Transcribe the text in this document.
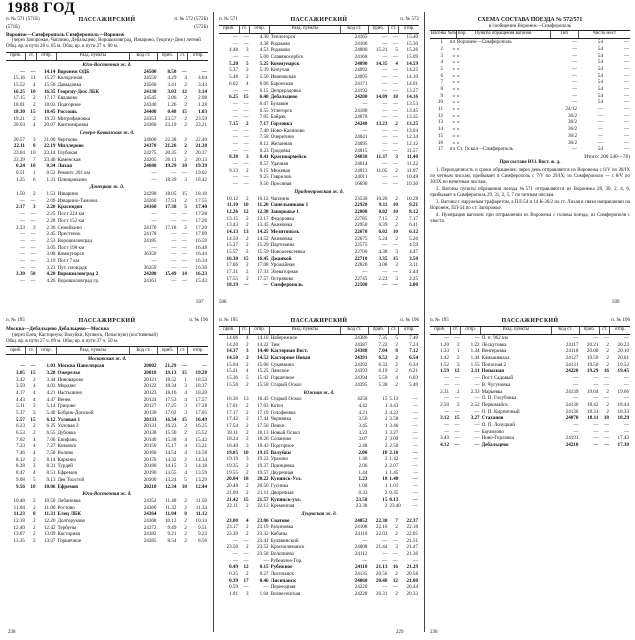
1988 ГОД
п. № 571 (571Б)	ПАССАЖИРСКИЙ	п. № 572 (572Б)
(571Б)	(572Б)
Воронеж—Симферополь Симферополь—Воронеж
(через Запорожье, Чаплино, Дебальцево, Ворошиловград, Изварино, Георгиу-Деж) летний
Общ. вр. в пути 28 ч. 05 м. Общ. вр. в пути 27 ч. 00 м.
приб.	ст.	отпр.	Разд. пункты	Код ст.	приб.	ст.	отпр.
Юго-Восточная ж. д.							
—	—	14.14	Воронеж ОДБ	24500	8.50	—	—
15.16	11	15.27	Колодезная	24550	4.29	4	4.04
15.52	4	15.56	Давыдовка	24560	3.41	2	3.43
16.25	10	16.35	Георгиу-Деж ЛБК	24130	3.03	12	3.14
17.15	2	17.17	Евдаково	24545	2.06	2	2.08
18.01	2	18.03	Подгорное	24340	1.26	2	1.28
18.30	15	18.45	Россошь	24400	0.48	15	1.03
19.21	2	19.23	Митрофановка	24353	23.57	2	23.59
20.03	4	20.07	Кантемировка	24360	23.19	2	23.21
Северо-Кавказская ж. д.							
20.57	3	21.00	Чертково	24600	22.38	2	22.40
22.11	8	22.19	Миллерово	24370	21.26	2	21.28
23.04	10	23.14	Глубокая	24275	20.35	2	20.37
23.39	7	23.46	Каменская	24205	20.11	2	20.13
0.24	10	0.34	Лихая	24680	19.29	10	19.39
0.51	1	0.52	Ремонт. 201 км	—	—	—	19.02
1.25	6	1.31	Плющанкино	—	18.39	3	18.42
Донецкая ж. д.							
1.50	2	1.53	Изварино	24298	18.05	15	18.10
—	—	2.09	Изварино-Таможн.	24260	17.51	2	17.55
2.17	3	2.20	Краснодон	24160	17.38	5	17.40
—	—	2.25	Пост 224 км	—	—	—	17.28
—	—	2.28	Пост 152 км	—	—	—	17.26
2.33	3	2.36	Семейкино	24170	17.18	2	17.20
—	—	2.45	Престенок	24178	—	—	17.09
—	—	2.53	Ворошиловград	24185	—	—	16.59
—	—	3.05	Пост 198 км	—	—	—	16.48
—	—	3.08	Коммунарск	36350	—	—	16.44
—	—	3.19	Пост 7 км	—	—	—	16.34
—	—	3.23	Пут. площадк	36359	—	—	16.30
3.30	50	4.20	Ворошиловград 2	24200	15.49	14	16.23
—	—	4.26	Ворошиловград гр.	24161	—	—	15.43
507
п. № 195	ПАССАЖИРСКИЙ	п. № 196
Москва—Дебальцево Дебальцево—Москва
(через Елец, Касторную, Валуйки, Купянск, Попасную) (постоянный)
Общ. вр. в пути 27 ч. 09 м. Общ. вр. в пути 27 ч. 50 м.
приб.	ст.	отпр.	Разд. пункты	Код ст.	приб.	ст.	отпр.
Московская ж. д.							
—	—	1.03	Москва Павелецкая	20002	21.29	—	—
3.05	15	3.20	Ожерелье	20018	19.13	15	19.28
3.42	2	3.44	Пивоварово	20121	18.52	1	18.53
3.59	4	4.03	Мордвес	20122	18.34	3	18.37
4.17	4	4.21	Настьшино	20123	18.16	4	18.20
4.43	4	4.47	Венев	20124	17.53	4	17.57
5.11	3	5.14	Грицово	20127	17.25	3	17.28
5.37	3	5.40	Бобрик-Донской	20130	17.02	3	17.05
5.57	15	6.12	Узловая 1	20133	16.34	15	16.49
6.23	2	6.25	Узловая 3	20131	16.23	2	16.25
6.53	2	6.55	Дубовка	20138	15.50	2	15.52
7.02	4	7.06	Епифань	20140	15.38	4	15.42
7.23	4	7.27	Кимовск	20150	15.17	4	15.21
7.46	4	7.50	Волово	20160	14.54	4	14.58
8.12	2	8.14	Каркино	20170	14.32	2	14.34
8.28	3	8.31	Турдей	20180	14.15	3	14.18
8.47	4	8.51	Ефремов	20190	13.55	4	13.59
9.08	5	9.13	Лев Толстой	20200	13.24	5	13.29
9.56	10	10.06	Ефремов	20210	12.34	10	12.44
Юго-Восточная ж. д.							
10.48	2	10.50	Лобановка	24352	11.48	2	11.50
11.04	2	11.06	Ростово	24360	11.32	2	11.34
11.23	8	11.31	Елец ЛБК	24364	11.04	8	11.12
12.18	2	12.20	Долгоруково	24368	10.12	2	10.14
12.40	2	12.42	Тербуны	24372	9.49	2	9.51
13.07	2	13.09	Касторная	24382	9.21	2	9.23
13.35	2	13.37	Горшечное	24385	8.54	2	8.56
228
п. № 571	ПАССАЖИРСКИЙ	п. № 572
приб.	ст.	отпр.	Разд. пункты	Код ст.	приб.	ст.	отпр.
—	—	4.30	Теплогорск	24165	—	—	15.40
—	—	4.38	Родаково	24166	—	—	15.30
4.48	3	4.53	Родаково	24080	15.21	5	15.26
—	—	5.00	Славяносербск	24168	—	—	15.09
5.20	5	5.25	Коммунарск	24090	14.35	4	14.59
5.37	2	5.39	Кипучая	24092	—	—	14.25
5.48	2	5.50	Ивановская	24095	—	—	14.10
6.02	4	6.06	Баронская	24171	—	—	14.01
—	—	6.15	Депрерадовка	24192	—	—	13.27
6.25	15	6.40	Дебальцево	24200	14.09	18	14.16
—	—	6.47	Булавин	—	—	—	13.53
—	—	6.55	Углегорск	24180	—	—	13.45
—	—	7.05	Байрак	24078	—	—	13.35
7.15	2	7.17	Горловка	24240	13.23	2	13.25
—	—	7.40	Ново-Калиново	—	—	—	13.04
—	—	7.58	Очеретино	24041	—	—	12.34
—	—	8.12	Желанная	24095	—	—	12.12
—	—	8.23	Гродовка	24015	—	—	11.57
8.38	3	8.41	Красноармейск	24030	11.37	3	11.40
—	—	8.57	Удачная	24014	—	—	11.22
9.13	2	9.15	Межевая	24013	11.05	2	11.07
—	—	9.25	Гаврилов.	24011	—	—	10.48
—	—	9.50	Просяная	16690	—	—	10.30
Приднепровская ж. д.							
10.12	2	10.12	Чаплино	23530	10.26	2	10.28
11.10	10	11.20	Синельниково 1	22920	9.11	10	9.21
12.26	12	12.38	Запорожье 1	22800	8.02	10	8.12
13.15	2	13.17	Федоровка	22785	7.15	2	7.17
13.43	2	13.45	Акимовка	22950	6.39	2	6.41
14.13	13	14.25	Мелитополь	22670	6.02	10	6.12
14.50	2	14.52	Акимовка	22675	5.24	2	5.26
15.27	2	15.29	Партизаны	22575	—	—	4.59
15.57	2	15.59	Новоалексеевка	22700	4.38	3	4.47
16.30	15	16.45	Джанкой	22710	3.35	15	3.50
17.06	2	17.08	Урожайная	22820	3.08	3	3.11
17.31	2	17.33	Элеваторная	—	—	—	2.44
17.55	2	17.57	Остряково	22745	2.22	3	2.25
18.19	—	—	Симферополь	22500	—	—	2.00
508
п. № 195	ПАССАЖИРСКИЙ	п. № 196
приб.	ст.	отпр.	Разд. пункты	Код ст.	приб.	ст.	отпр.
14.06	4	14.10	Набережное	24386	7.35	5	7.40
14.20	2	14.22	Тим	24387	7.22	2	7.24
14.37	3	14.40	Касторная Вост.	24388	7.04	8	7.12
14.50	2	14.52	Касторное Новая	24391	6.52	2	6.54
15.04	2	15.06	Суковкино	24392	6.32	2	6.34
15.21	4	15.25	Ламское	24393	6.19	2	6.21
15.36	5	15.42	Горшечное	24394	5.59	4	6.03
15.56	2	15.58	Старый Оскол	24395	5.38	2	5.40
Южная ж. д.							
16.30	13	16.43	Старый Оскол	4258	15	5.13	—
17.01	2	17.03	Котел	4.42	1	4.43	—
17.17	2	17.19	Голофеевка	4.21	2	4.23	—
17.42	2	17.44	Чернянка	3.56	2	3.58	—
17.54	2	17.56	Пенки	3.45	1	3.46	—
18.11	2	18.13	Новый Оскол	3.22	3	3.27	—
18.24	2	18.26	Соланово	3.07	2	3.09	—
18.40	3	18.43	Подгорное	2.48	2	2.50	—
19.05	10	19.15	Валуйки	2.00	10	2.10	—
19.19	3	19.22	Уразово	1.40	2	1.42	—
19.35	2	19.37	Принцевка	2.06	2	2.07	—
19.55	2	19.57	Двуречная	1.44	1	1.45	—
20.04	18	20.22	Купянск-Узл.	1.23	18	1.40	—
20.48	2	20.50	Гусинка	1.00	1	1.01	—
21.09	2	21.11	Дворечная	0.33	2	0.35	—
21.42	15	21.57	Купянск-узл.	23.58	15	0.13	—
22.11	2	22.13	Кременная	23.38	2	23.40	—
Луцекская ж. д.							
23.00	4	23.06	Сватово	24052	22.30	7	22.37
23.17	2	23.19	Рахиновка	24108	22.16	2	22.18
23.30	2	23.32	Кабаны	24110	22.03	2	22.05
—	—	23.41	Булавинский	—	—	—	21.51
23.50	2	23.52	Краснолиманск	24008	21.44	3	21.47
—	—	23.58	Волопиево	24112	—	—	21.36
—	—	—	Рубежное-Гор.	—	—	—	—
0.49	12	0.15	Рубежное	24118	21.13	16	21.29
0.25	2	0.27	Лисичанск	24135	20.56	2	20.58
0.39	17	0.46	Лисичанск	24060	20.48	12	21.00
0.59	—	—	Переездная	24220	—	—	20.44
1.01	3	1.04	Вознесенская	24228	20.31	2	20.33
229
СХЕМА СОСТАВА ПОЕЗДА № 572/571
в сообщении Воронеж—Симферополь
Вагоны №№ пор.		Пункты обращения вагонов	Тип	Число мест	
1	пл	Воронеж—Симферополь	—	54	—
2	»	»	—	54	—
3	»	»	—	54	—
4	»	»	—	54	—
5	»	»	—	54	—
6	»	»	—	54	—
7	»	»	—	54	—
8	»	»	—	54	—
9	»	»	—	54	—
10	»	»	—	54	—
11	»	»	24/12	—	—
12	»	»	36/2	—	—
13	»	»	36/2	—	—
14	»	»	36/2	—	—
15	»	»	36/2	—	—
16	»	»	36/2	—	—
17	пл	Ст. Оскол—Симферополь	—	54	—
Итого: 200 540—76)

При составе ЮЗ. Вост. ж. д.

1. Периодичность и сроки обращения: через день отправляется из Воронежа с 6/V по 28/IX по четным числам, прибывает в Симферополь с 7/V по 29/IX; из Симферополя — с 8/V по 30/IX по нечетным числам.

2. Вагоны пункты обращения поезда №571 отправляются из Воронежа 28, 30, 2, 4, 6, прибывает в Симферополь 29, 31, 2, 5, 7 по четным числам.

3. Вагоны с наружным трафаретом, а ПЛ-54 и 14 К-36/2 по ст. Лихая в связи направлении на Воронеж, ПЛ-54 по ст. Запорожье.

4. Нумерация вагонов: при отправлении из Воронежа с головы поезда, из Симферополя с хвоста.

509
п. № 195	ПАССАЖИРСКИЙ	п. № 196
приб.	ст.	отпр.	Разд. пункты	Код ст.	приб.	ст.	отпр.
—	—	—	О. п. 962 км	—	—	—	—
1.20	2	1.22	Лоскутовка	24117	20.21	2	20.23
1.33	1	1.34	Венгеровка	24118	20.08	2	20.10
1.42	2	1.44	Камышеваха	24127	19.59	2	20.01
1.52	3	1.55	Попасная 2	24131	19.50	2	19.52
1.59	12	2.11	Попасная	24220	19.29	16	19.45
—	—	—	Пост Садовый	—	—	—	—
—	—	—	В. Чугуновка	—	—	—	—
2.31	2	2.33	Марьевка	24139	19.04	2	19.06
—	—	—	О. П. Голубовка	—	—	—	—
2.50	2	2.52	Первомайск	24136	18.42	2	18.44
—	—	—	О. П. Кирпичный	24136	18.31	2	18.33
3.12	15	3.27	Стаханов	24070	18.11	18	18.29
—	—	—	О. П. Лозуцкий	—	—	—	—
—	—	—	Баулихово	—	—	—	—
3.43	—	—	Ново-Горловка	24191	—	—	17.42
4.12	—	—	Дебальцево	24210	—	—	17.30
230
